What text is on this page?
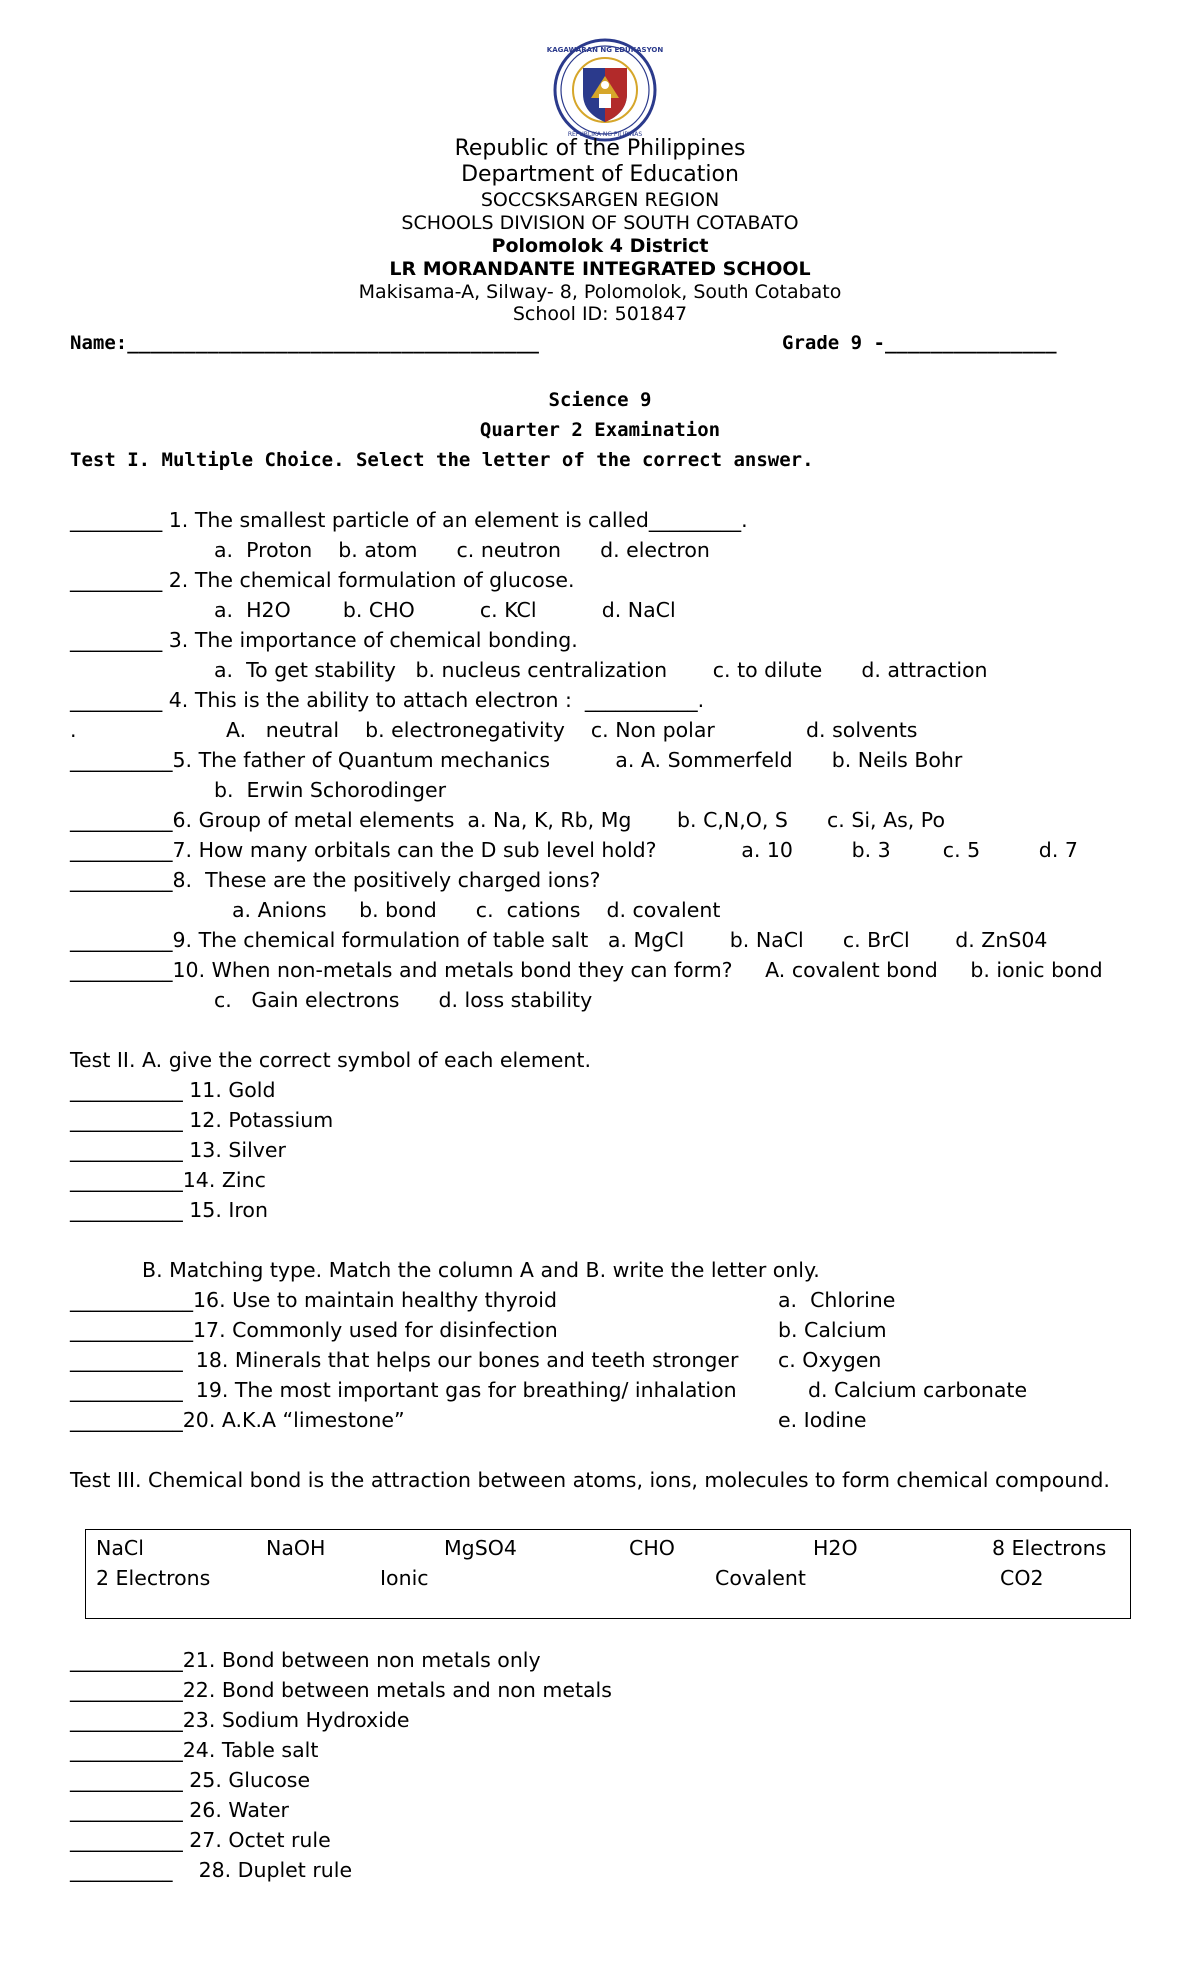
KAGAWARAN NG EDUKASYON
REPUBLIKA NG PILIPINAS
Republic of the Philippines
Department of Education
SOCCSKSARGEN REGION
SCHOOLS DIVISION OF SOUTH COTABATO
Polomolok 4 District
LR MORANDANTE INTEGRATED SCHOOL
Makisama-A, Silway- 8, Polomolok, South Cotabato
School ID: 501847
Name:____________________________________	Grade 9 -_______________
Science 9
Quarter 2 Examination
Test I. Multiple Choice. Select the letter of the correct answer.
_________ 1. The smallest particle of an element is called_________.
a.  Proton    b. atom      c. neutron      d. electron
_________ 2. The chemical formulation of glucose.
a.  H2O        b. CHO          c. KCl          d. NaCl
_________ 3. The importance of chemical bonding.
a.  To get stability   b. nucleus centralization       c. to dilute      d. attraction
_________ 4. This is the ability to attach electron :  ___________.
.	A.   neutral    b. electronegativity    c. Non polar              d. solvents
__________5. The father of Quantum mechanics          a. A. Sommerfeld      b. Neils Bohr
b.  Erwin Schorodinger
__________6. Group of metal elements  a. Na, K, Rb, Mg       b. C,N,O, S      c. Si, As, Po
__________7. How many orbitals can the D sub level hold?             a. 10         b. 3        c. 5         d. 7
__________8.  These are the positively charged ions?
a. Anions     b. bond      c.  cations    d. covalent
__________9. The chemical formulation of table salt   a. MgCl       b. NaCl      c. BrCl       d. ZnS04
__________10. When non-metals and metals bond they can form?     A. covalent bond     b. ionic bond
c.   Gain electrons      d. loss stability
Test II. A. give the correct symbol of each element.
___________ 11. Gold
___________ 12. Potassium
___________ 13. Silver
___________14. Zinc
___________ 15. Iron
B. Matching type. Match the column A and B. write the letter only.
____________16. Use to maintain healthy thyroid	a.  Chlorine
____________17. Commonly used for disinfection	b. Calcium
___________  18. Minerals that helps our bones and teeth stronger c. Oxygen
___________  19. The most important gas for breathing/ inhalation	d. Calcium carbonate
___________20. A.K.A “limestone”	e. Iodine
Test III. Chemical bond is the attraction between atoms, ions, molecules to form chemical compound.
NaCl	NaOH	MgSO4	CHO	H2O	8 Electrons
2 Electrons	Ionic	Covalent	CO2
___________21. Bond between non metals only
___________22. Bond between metals and non metals
___________23. Sodium Hydroxide
___________24. Table salt
___________ 25. Glucose
___________ 26. Water
___________ 27. Octet rule
__________    28. Duplet rule
